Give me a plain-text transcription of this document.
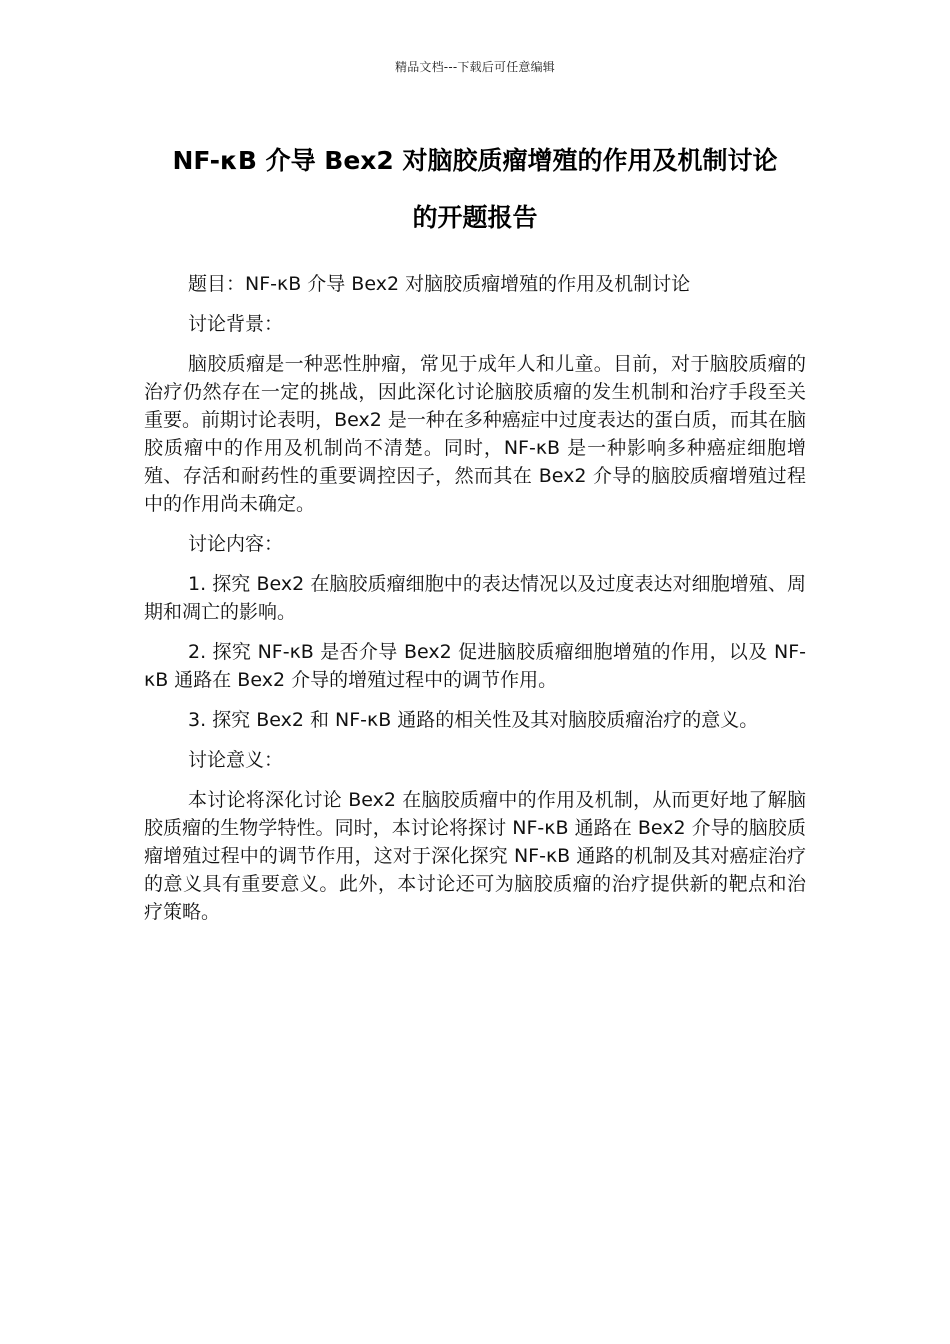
精品文档---下载后可任意编辑
NF-κB 介导 Bex2 对脑胶质瘤增殖的作用及机制讨论
的开题报告

题目：NF-κB 介导 Bex2 对脑胶质瘤增殖的作用及机制讨论

讨论背景：

脑胶质瘤是一种恶性肿瘤，常见于成年人和儿童。目前，对于脑胶质瘤的治疗仍然存在一定的挑战，因此深化讨论脑胶质瘤的发生机制和治疗手段至关重要。前期讨论表明，Bex2 是一种在多种癌症中过度表达的蛋白质，而其在脑胶质瘤中的作用及机制尚不清楚。同时，NF-κB 是一种影响多种癌症细胞增殖、存活和耐药性的重要调控因子，然而其在 Bex2 介导的脑胶质瘤增殖过程中的作用尚未确定。

讨论内容：

1. 探究 Bex2 在脑胶质瘤细胞中的表达情况以及过度表达对细胞增殖、周期和凋亡的影响。

2. 探究 NF-κB 是否介导 Bex2 促进脑胶质瘤细胞增殖的作用，以及 NF-κB 通路在 Bex2 介导的增殖过程中的调节作用。

3. 探究 Bex2 和 NF-κB 通路的相关性及其对脑胶质瘤治疗的意义。

讨论意义：

本讨论将深化讨论 Bex2 在脑胶质瘤中的作用及机制，从而更好地了解脑胶质瘤的生物学特性。同时，本讨论将探讨 NF-κB 通路在 Bex2 介导的脑胶质瘤增殖过程中的调节作用，这对于深化探究 NF-κB 通路的机制及其对癌症治疗的意义具有重要意义。此外，本讨论还可为脑胶质瘤的治疗提供新的靶点和治疗策略。
